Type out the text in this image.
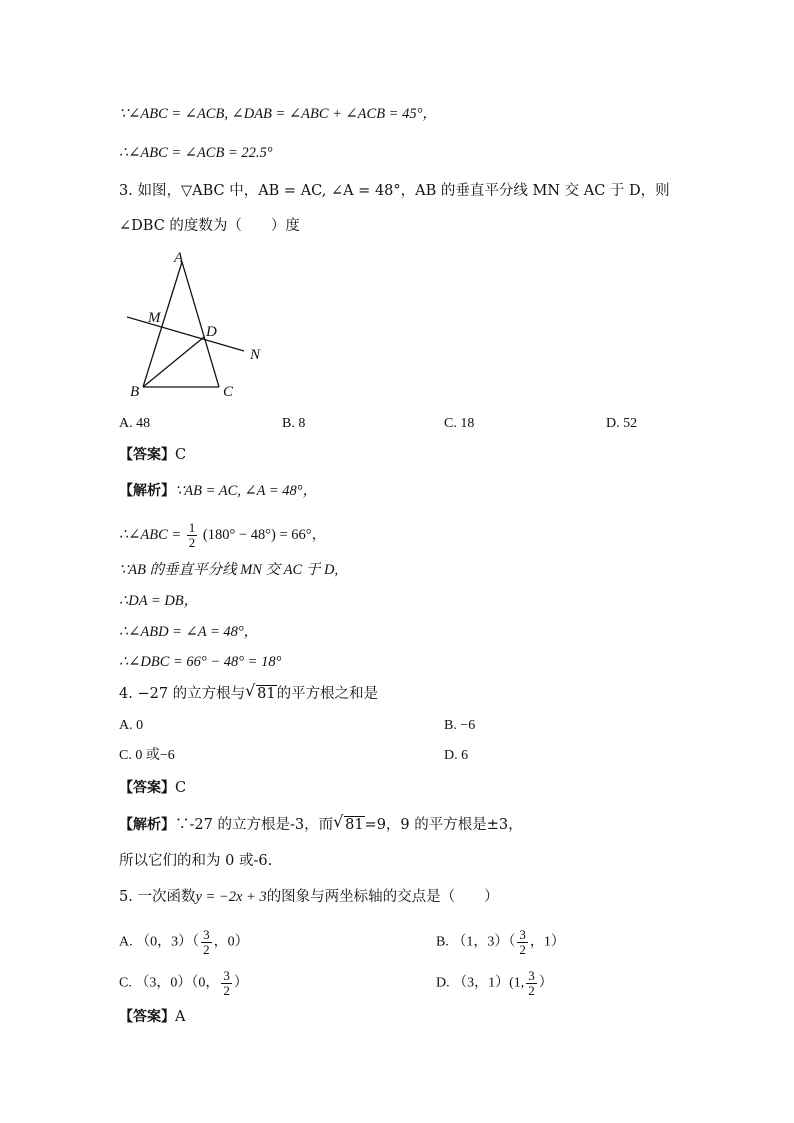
∵∠ABC = ∠ACB, ∠DAB = ∠ABC + ∠ACB = 45°，
∴∠ABC = ∠ACB = 22.5°
3. 如图，▽ABC 中，AB = AC, ∠A = 48°，AB 的垂直平分线 MN 交 AC 于 D，则
∠DBC 的度数为（　　）度
A
M
D
N
B	C
A. 48	B. 8	C. 18	D. 52
【答案】C
【解析】∵AB = AC, ∠A = 48°，
∴∠ABC = $\frac{1}{2} (180^\circ - 48^\circ) = 66^\circ$，
∵AB 的垂直平分线 MN 交 AC 于 D,
∴DA = DB，
∴∠ABD = ∠A = 48°，
∴∠DBC = 66° − 48° = 18°
4. −27 的立方根与 √ 81的平方根之和是
A. 0	B. −6
C. 0 或−6	D. 6
【答案】C
【解析】∵-27 的立方根是-3，而 √ 81=9，9 的平方根是±3，
所以它们的和为 0 或-6.
5. 一次函数y = −2x + 3的图象与两坐标轴的交点是（　　）
A. （0，$3)( \frac{3}{2}$ ，0）	B. （1，$3)( \frac{3}{2}$ ，1）
C. （3，0）（0， $\frac{3}{2}$ ）	D. （3，1）(1, $\frac{3}{2}$ ）
【答案】A
